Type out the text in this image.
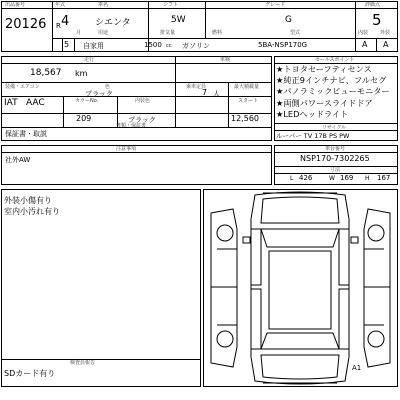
出品番号
20126
年式	車名	シフト	グレード	評価点
R 4	シエンタ	5W	G	5
月	用途	排気量	燃料	型式	内装 外装
5 自家用	1500 cc ガソリン	5BA-NSP170G	A A
走行	車検
18,567 km
装備・エアコン	色
ブラック
乗車定員
7 人
最大積載量
IAT AAC	カラーNo.	内装色	スタート
209	ブラック	12,560
書類・保証書
保証書・取説
セールスポイント
★トヨタセーフティセンス
★純正9インチナビ、フルセグ
★パノラミックビューモニター
★両側パワースライドドア
★LEDヘッドライト
リサイクル
ルーバー TV 17B PS PW
注意事項
社外AW
車台番号
NSP170-7302265
寸法
L 426	W 169 H 167
外装小傷有り
室内小汚れ有り
検査員報告
SDカード有り
A1
